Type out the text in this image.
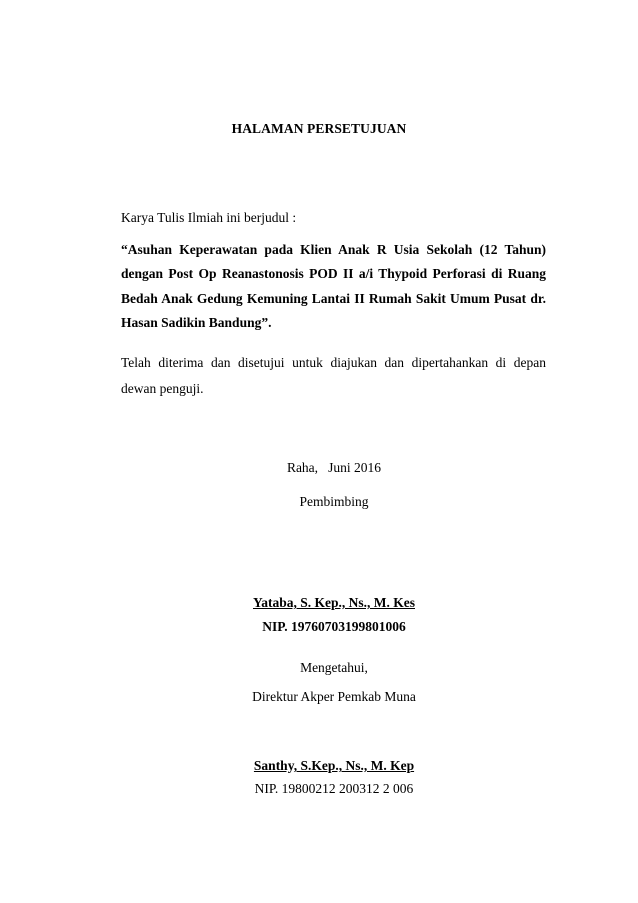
HALAMAN PERSETUJUAN
Karya Tulis Ilmiah ini berjudul :
“Asuhan Keperawatan pada Klien Anak R Usia Sekolah (12 Tahun) dengan Post Op Reanastonosis POD II a/i Thypoid Perforasi di Ruang Bedah Anak Gedung Kemuning Lantai II Rumah Sakit Umum Pusat dr. Hasan Sadikin Bandung”.
Telah diterima dan disetujui untuk diajukan dan dipertahankan di depan dewan penguji.
Raha,   Juni 2016
Pembimbing
Yataba, S. Kep., Ns., M. Kes
NIP. 19760703199801006
Mengetahui,
Direktur Akper Pemkab Muna
Santhy, S.Kep., Ns., M. Kep
NIP. 19800212 200312 2 006
